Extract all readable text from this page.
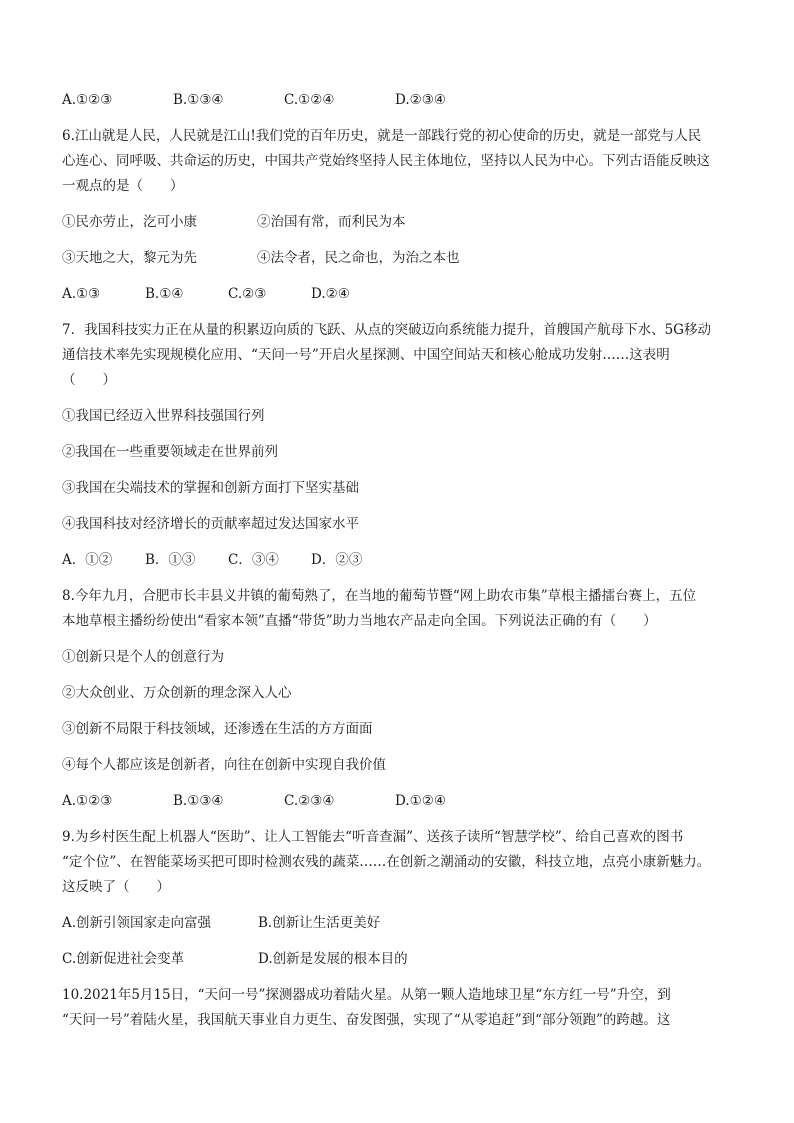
A.①②③	B.①③④	C.①②④	D.②③④
6.江山就是人民，人民就是江山!我们党的百年历史，就是一部践行党的初心使命的历史，就是一部党与人民
心连心、同呼吸、共命运的历史，中国共产党始终坚持人民主体地位，坚持以人民为中心。下列古语能反映这
一观点的是（　　）
①民亦劳止，汔可小康	②治国有常，而利民为本
③天地之大，黎元为先	④法令者，民之命也，为治之本也
A.①③	B.①④	C.②③	D.②④
7．我国科技实力正在从量的积累迈向质的飞跃、从点的突破迈向系统能力提升，首艘国产航母下水、5G移动
通信技术率先实现规模化应用、“天问一号”开启火星探测、中国空间站天和核心舱成功发射……这表明
（　　）
①我国已经迈入世界科技强国行列
②我国在一些重要领域走在世界前列
③我国在尖端技术的掌握和创新方面打下坚实基础
④我国科技对经济增长的贡献率超过发达国家水平
A．①②	B．①③	C．③④	D．②③
8.今年九月，合肥市长丰县义井镇的葡萄熟了，在当地的葡萄节暨“网上助农市集”草根主播擂台赛上，五位
本地草根主播纷纷使出“看家本领”直播“带货”助力当地农产品走向全国。下列说法正确的有（　　）
①创新只是个人的创意行为
②大众创业、万众创新的理念深入人心
③创新不局限于科技领域，还渗透在生活的方方面面
④每个人都应该是创新者，向往在创新中实现自我价值
A.①②③	B.①③④	C.②③④	D.①②④
9.为乡村医生配上机器人“医助”、让人工智能去“听音查漏”、送孩子读所“智慧学校”、给自己喜欢的图书
“定个位”、在智能菜场买把可即时检测农残的蔬菜……在创新之潮涌动的安徽，科技立地，点亮小康新魅力。
这反映了（　　）
A.创新引领国家走向富强	B.创新让生活更美好
C.创新促进社会变革	D.创新是发展的根本目的
10.2021年5月15日，“天问一号”探测器成功着陆火星。从第一颗人造地球卫星“东方红一号”升空，到
“天问一号”着陆火星，我国航天事业自力更生、奋发图强，实现了“从零追赶”到“部分领跑”的跨越。这
